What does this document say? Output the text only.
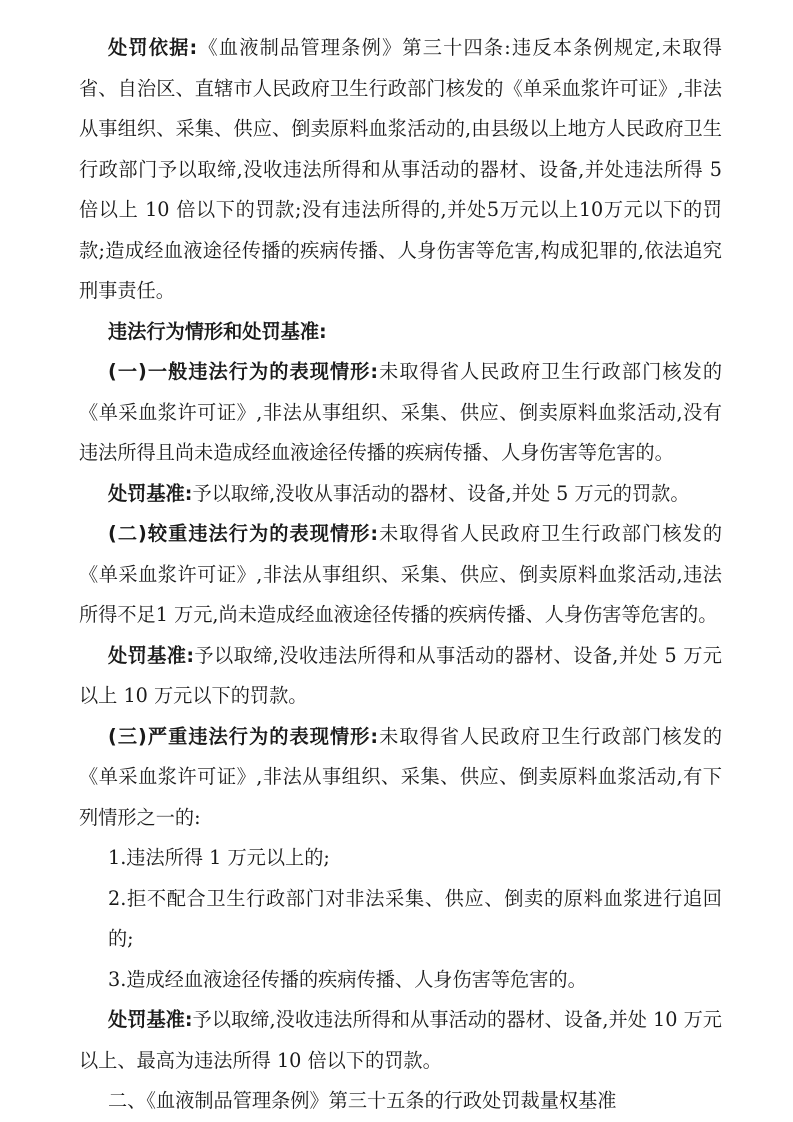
处罚依据:《血液制品管理条例》第三十四条:违反本条例规定,未取得省、自治区、直辖市人民政府卫生行政部门核发的《单采血浆许可证》,非法从事组织、采集、供应、倒卖原料血浆活动的,由县级以上地方人民政府卫生行政部门予以取缔,没收违法所得和从事活动的器材、设备,并处违法所得 5 倍以上 10 倍以下的罚款;没有违法所得的,并处5万元以上10万元以下的罚款;造成经血液途径传播的疾病传播、人身伤害等危害,构成犯罪的,依法追究刑事责任。

违法行为情形和处罚基准:

(一)一般违法行为的表现情形:未取得省人民政府卫生行政部门核发的《单采血浆许可证》,非法从事组织、采集、供应、倒卖原料血浆活动,没有违法所得且尚未造成经血液途径传播的疾病传播、人身伤害等危害的。

处罚基准:予以取缔,没收从事活动的器材、设备,并处 5 万元的罚款。

(二)较重违法行为的表现情形:未取得省人民政府卫生行政部门核发的《单采血浆许可证》,非法从事组织、采集、供应、倒卖原料血浆活动,违法所得不足1 万元,尚未造成经血液途径传播的疾病传播、人身伤害等危害的。

处罚基准:予以取缔,没收违法所得和从事活动的器材、设备,并处 5 万元以上 10 万元以下的罚款。

(三)严重违法行为的表现情形:未取得省人民政府卫生行政部门核发的《单采血浆许可证》,非法从事组织、采集、供应、倒卖原料血浆活动,有下列情形之一的:

1.违法所得 1 万元以上的;

2.拒不配合卫生行政部门对非法采集、供应、倒卖的原料血浆进行追回的;

3.造成经血液途径传播的疾病传播、人身伤害等危害的。

处罚基准:予以取缔,没收违法所得和从事活动的器材、设备,并处 10 万元以上、最高为违法所得 10 倍以下的罚款。

二、《血液制品管理条例》第三十五条的行政处罚裁量权基准
